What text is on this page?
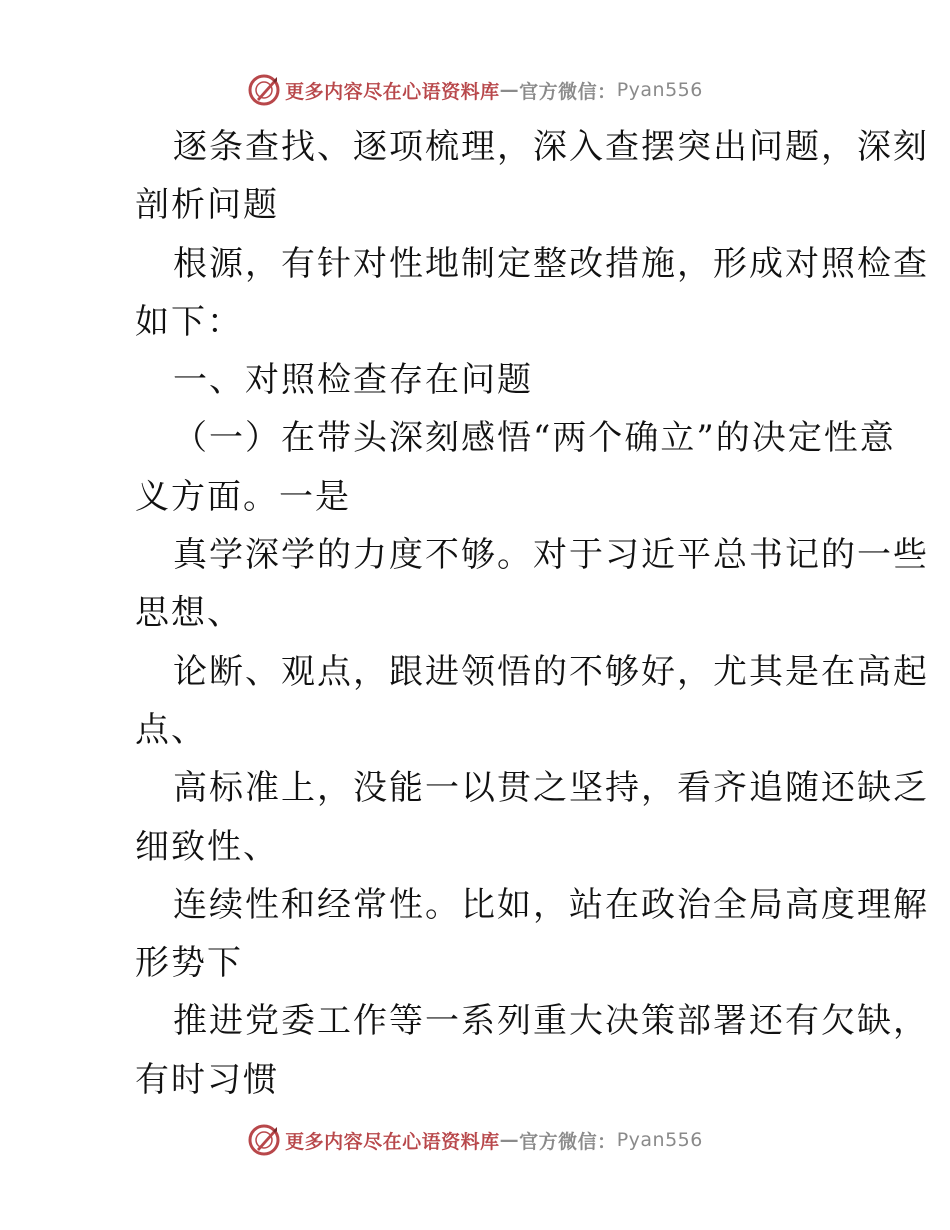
更多内容尽在心语资料库 — 官方微信： Pyan556
逐条查找、逐项梳理，深入查摆突出问题，深刻
剖析问题
根源，有针对性地制定整改措施，形成对照检查
如下：
一、对照检查存在问题
（一）在带头深刻感悟“两个确立”的决定性意
义方面。一是
真学深学的力度不够。对于习近平总书记的一些
思想、
论断、观点，跟进领悟的不够好，尤其是在高起
点、
高标准上，没能一以贯之坚持，看齐追随还缺乏
细致性、
连续性和经常性。比如，站在政治全局高度理解
形势下
推进党委工作等一系列重大决策部署还有欠缺，
有时习惯
更多内容尽在心语资料库 — 官方微信： Pyan556
